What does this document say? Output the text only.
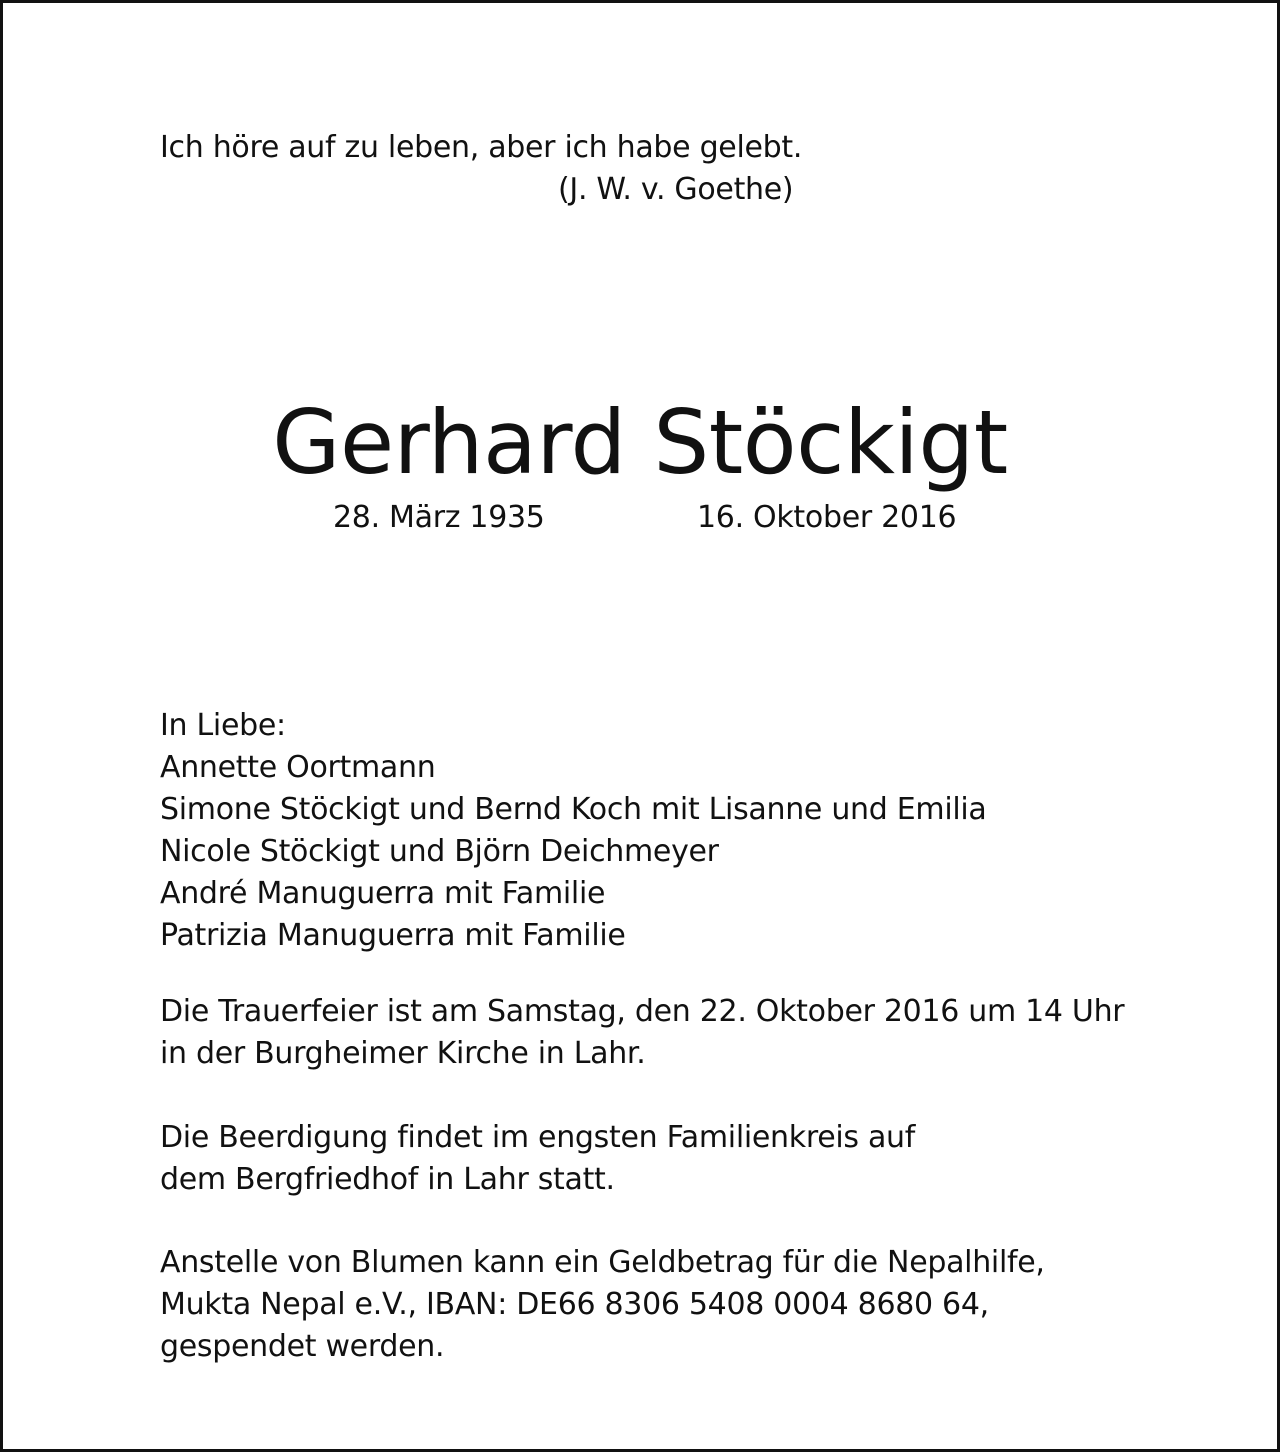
Ich höre auf zu leben, aber ich habe gelebt.
(J. W. v. Goethe)
Gerhard Stöckigt
28. März 1935	16. Oktober 2016
In Liebe:
Annette Oortmann
Simone Stöckigt und Bernd Koch mit Lisanne und Emilia
Nicole Stöckigt und Björn Deichmeyer
André Manuguerra mit Familie
Patrizia Manuguerra mit Familie
Die Trauerfeier ist am Samstag, den 22. Oktober 2016 um 14 Uhr
in der Burgheimer Kirche in Lahr.
Die Beerdigung findet im engsten Familienkreis auf
dem Bergfriedhof in Lahr statt.
Anstelle von Blumen kann ein Geldbetrag für die Nepalhilfe,
Mukta Nepal e.V., IBAN: DE66 8306 5408 0004 8680 64,
gespendet werden.
